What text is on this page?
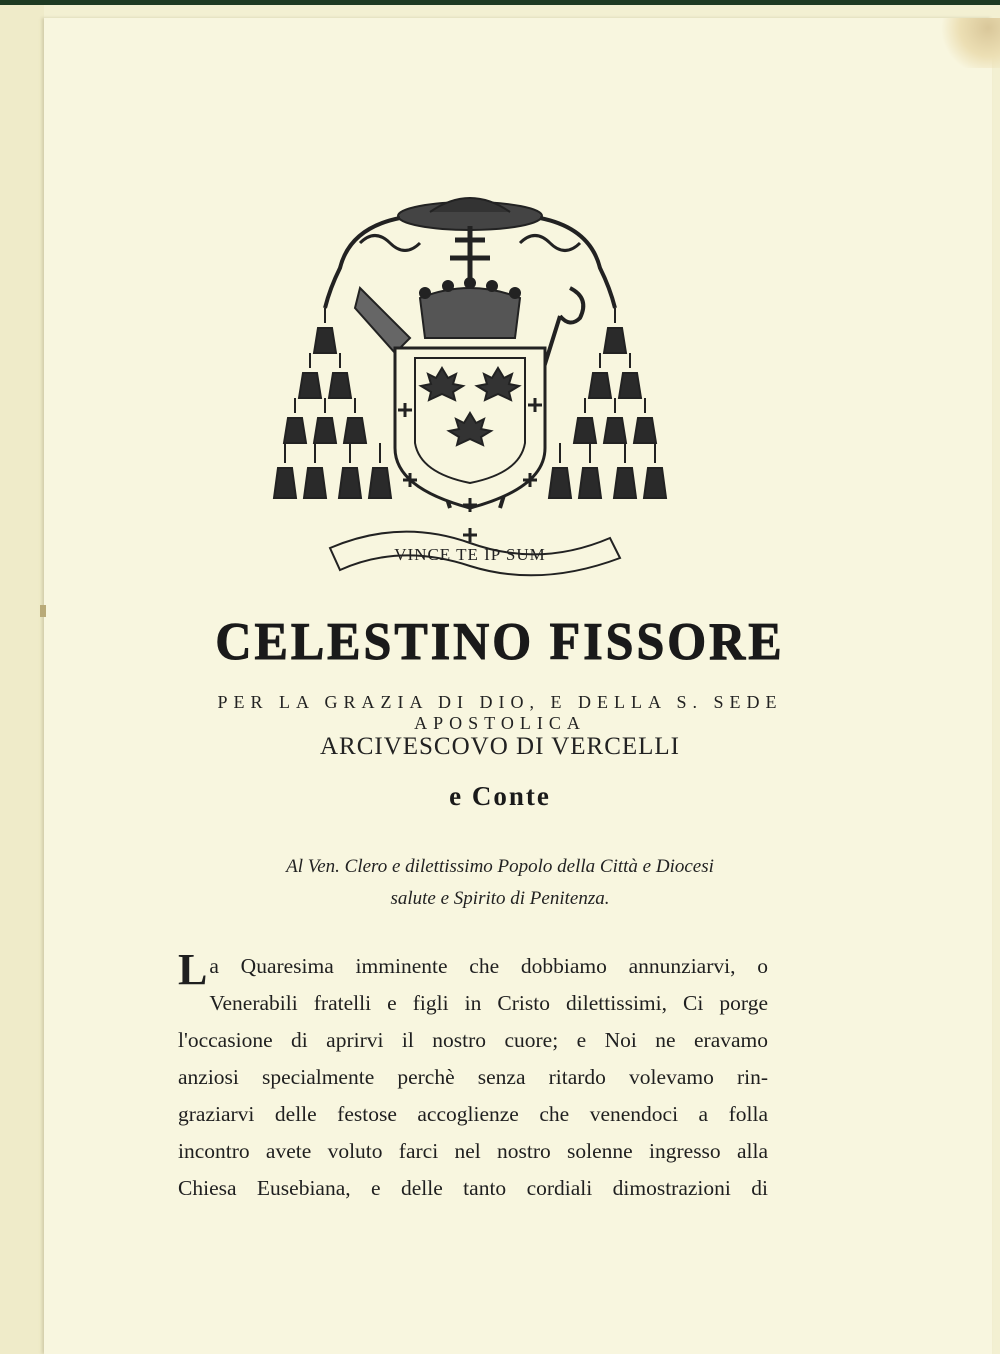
VINCE TE IP SUM
CELESTINO FISSORE
PER LA GRAZIA DI DIO, E DELLA S. SEDE APOSTOLICA
ARCIVESCOVO DI VERCELLI
e Conte
Al Ven. Clero e dilettissimo Popolo della Città e Diocesi
salute e Spirito di Penitenza.
L a Quaresima imminente che dobbiamo annunziarvi, o
Venerabili fratelli e figli in Cristo dilettissimi, Ci porge
l'occasione di aprirvi il nostro cuore; e Noi ne eravamo
anziosi specialmente perchè senza ritardo volevamo rin-
graziarvi delle festose accoglienze che venendoci a folla
incontro avete voluto farci nel nostro solenne ingresso alla
Chiesa Eusebiana, e delle tanto cordiali dimostrazioni di
